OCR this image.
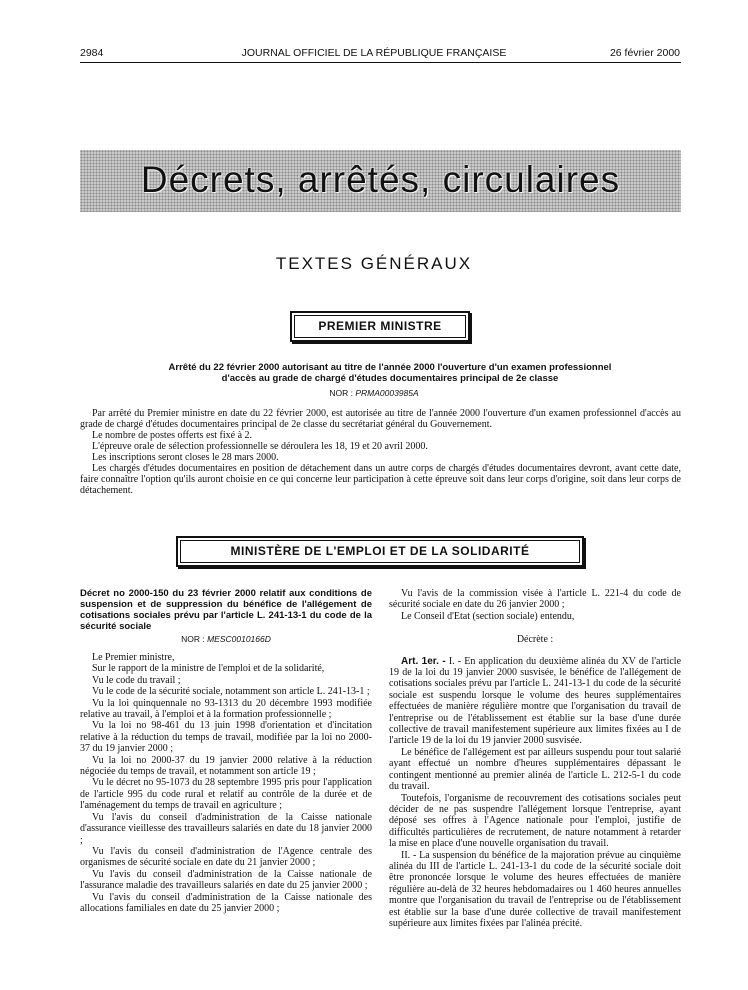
2984	JOURNAL OFFICIEL DE LA RÉPUBLIQUE FRANÇAISE	26 février 2000
Décrets, arrêtés, circulaires
TEXTES GÉNÉRAUX
PREMIER MINISTRE
Arrêté du 22 février 2000 autorisant au titre de l'année 2000 l'ouverture d'un examen professionnel
d'accès au grade de chargé d'études documentaires principal de 2e classe
NOR : PRMA0003985A

Par arrêté du Premier ministre en date du 22 février 2000, est autorisée au titre de l'année 2000 l'ouverture d'un examen professionnel d'accès au grade de chargé d'études documentaires principal de 2e classe du secrétariat général du Gouvernement.

Le nombre de postes offerts est fixé à 2.

L'épreuve orale de sélection professionnelle se déroulera les 18, 19 et 20 avril 2000.

Les inscriptions seront closes le 28 mars 2000.

Les chargés d'études documentaires en position de détachement dans un autre corps de chargés d'études documentaires devront, avant cette date, faire connaître l'option qu'ils auront choisie en ce qui concerne leur participation à cette épreuve soit dans leur corps d'origine, soit dans leur corps de détachement.

MINISTÈRE DE L'EMPLOI ET DE LA SOLIDARITÉ
Décret no 2000-150 du 23 février 2000 relatif aux conditions de suspension et de suppression du bénéfice de l'allégement de cotisations sociales prévu par l'article L. 241-13-1 du code de la sécurité sociale
NOR : MESC0010166D

Le Premier ministre,

Sur le rapport de la ministre de l'emploi et de la solidarité,

Vu le code du travail ;

Vu le code de la sécurité sociale, notamment son article L. 241-13-1 ;

Vu la loi quinquennale no 93-1313 du 20 décembre 1993 modifiée relative au travail, à l'emploi et à la formation professionnelle ;

Vu la loi no 98-461 du 13 juin 1998 d'orientation et d'incitation relative à la réduction du temps de travail, modifiée par la loi no 2000-37 du 19 janvier 2000 ;

Vu la loi no 2000-37 du 19 janvier 2000 relative à la réduction négociée du temps de travail, et notamment son article 19 ;

Vu le décret no 95-1073 du 28 septembre 1995 pris pour l'application de l'article 995 du code rural et relatif au contrôle de la durée et de l'aménagement du temps de travail en agriculture ;

Vu l'avis du conseil d'administration de la Caisse nationale d'assurance vieillesse des travailleurs salariés en date du 18 janvier 2000 ;

Vu l'avis du conseil d'administration de l'Agence centrale des organismes de sécurité sociale en date du 21 janvier 2000 ;

Vu l'avis du conseil d'administration de la Caisse nationale de l'assurance maladie des travailleurs salariés en date du 25 janvier 2000 ;

Vu l'avis du conseil d'administration de la Caisse nationale des allocations familiales en date du 25 janvier 2000 ;

Vu l'avis de la commission visée à l'article L. 221-4 du code de sécurité sociale en date du 26 janvier 2000 ;

Le Conseil d'Etat (section sociale) entendu,

Décrète :

Art. 1er. - I. - En application du deuxième alinéa du XV de l'article 19 de la loi du 19 janvier 2000 susvisée, le bénéfice de l'allégement de cotisations sociales prévu par l'article L. 241-13-1 du code de la sécurité sociale est suspendu lorsque le volume des heures supplémentaires effectuées de manière régulière montre que l'organisation du travail de l'entreprise ou de l'établissement est établie sur la base d'une durée collective de travail manifestement supérieure aux limites fixées au I de l'article 19 de la loi du 19 janvier 2000 susvisée.

Le bénéfice de l'allégement est par ailleurs suspendu pour tout salarié ayant effectué un nombre d'heures supplémentaires dépassant le contingent mentionné au premier alinéa de l'article L. 212-5-1 du code du travail.

Toutefois, l'organisme de recouvrement des cotisations sociales peut décider de ne pas suspendre l'allégement lorsque l'entreprise, ayant déposé ses offres à l'Agence nationale pour l'emploi, justifie de difficultés particulières de recrutement, de nature notamment à retarder la mise en place d'une nouvelle organisation du travail.

II. - La suspension du bénéfice de la majoration prévue au cinquième alinéa du III de l'article L. 241-13-1 du code de la sécurité sociale doit être prononcée lorsque le volume des heures effectuées de manière régulière au-delà de 32 heures hebdomadaires ou 1 460 heures annuelles montre que l'organisation du travail de l'entreprise ou de l'établissement est établie sur la base d'une durée collective de travail manifestement supérieure aux limites fixées par l'alinéa précité.
